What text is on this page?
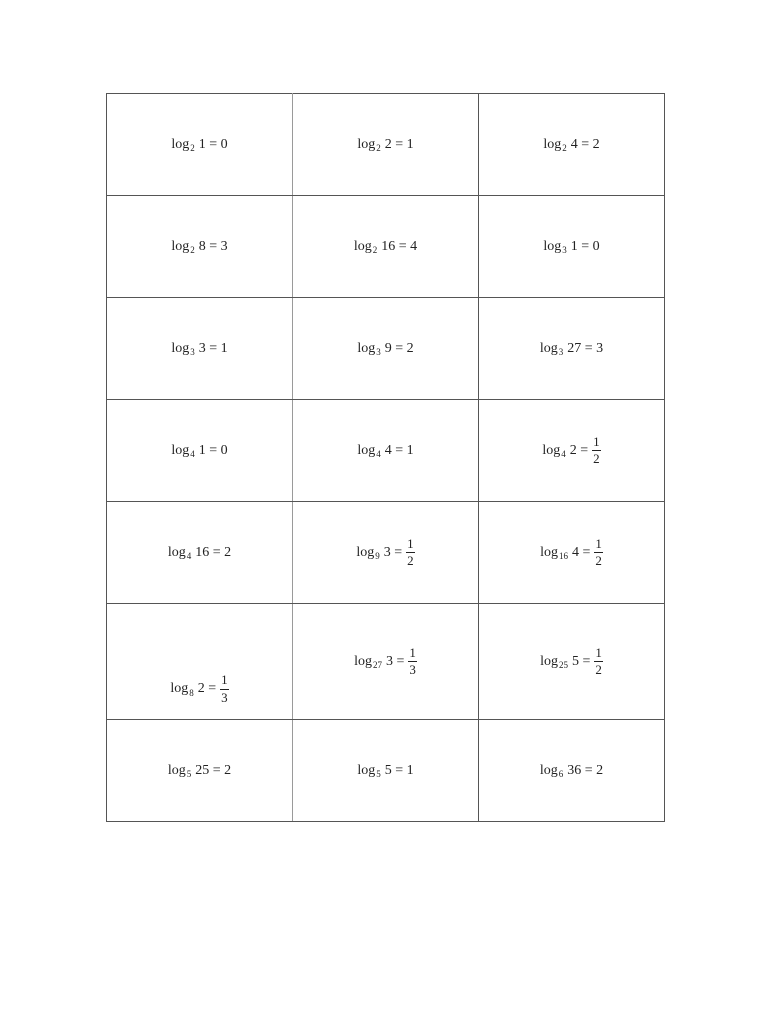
log 2 1 = 0	log 2 2 = 1	log 2 4 = 2

log 2 8 = 3	log 2 16 = 4	log 3 1 = 0

log 3 3 = 1	log 3 9 = 2	log 3 27 = 3

log 4 1 = 0	log 4 4 = 1	log 4 $2 = \frac{1}{2}$

log 4 16 = 2	log 9 $3 = \frac{1}{2}$	log 16 $4 = \frac{1}{2}$

log 8 $2 = \frac{1}{3}$	log 27 $3 = \frac{1}{3}$	log 25 $5 = \frac{1}{2}$

log 5 25 = 2	log 5 5 = 1	log 6 36 = 2
